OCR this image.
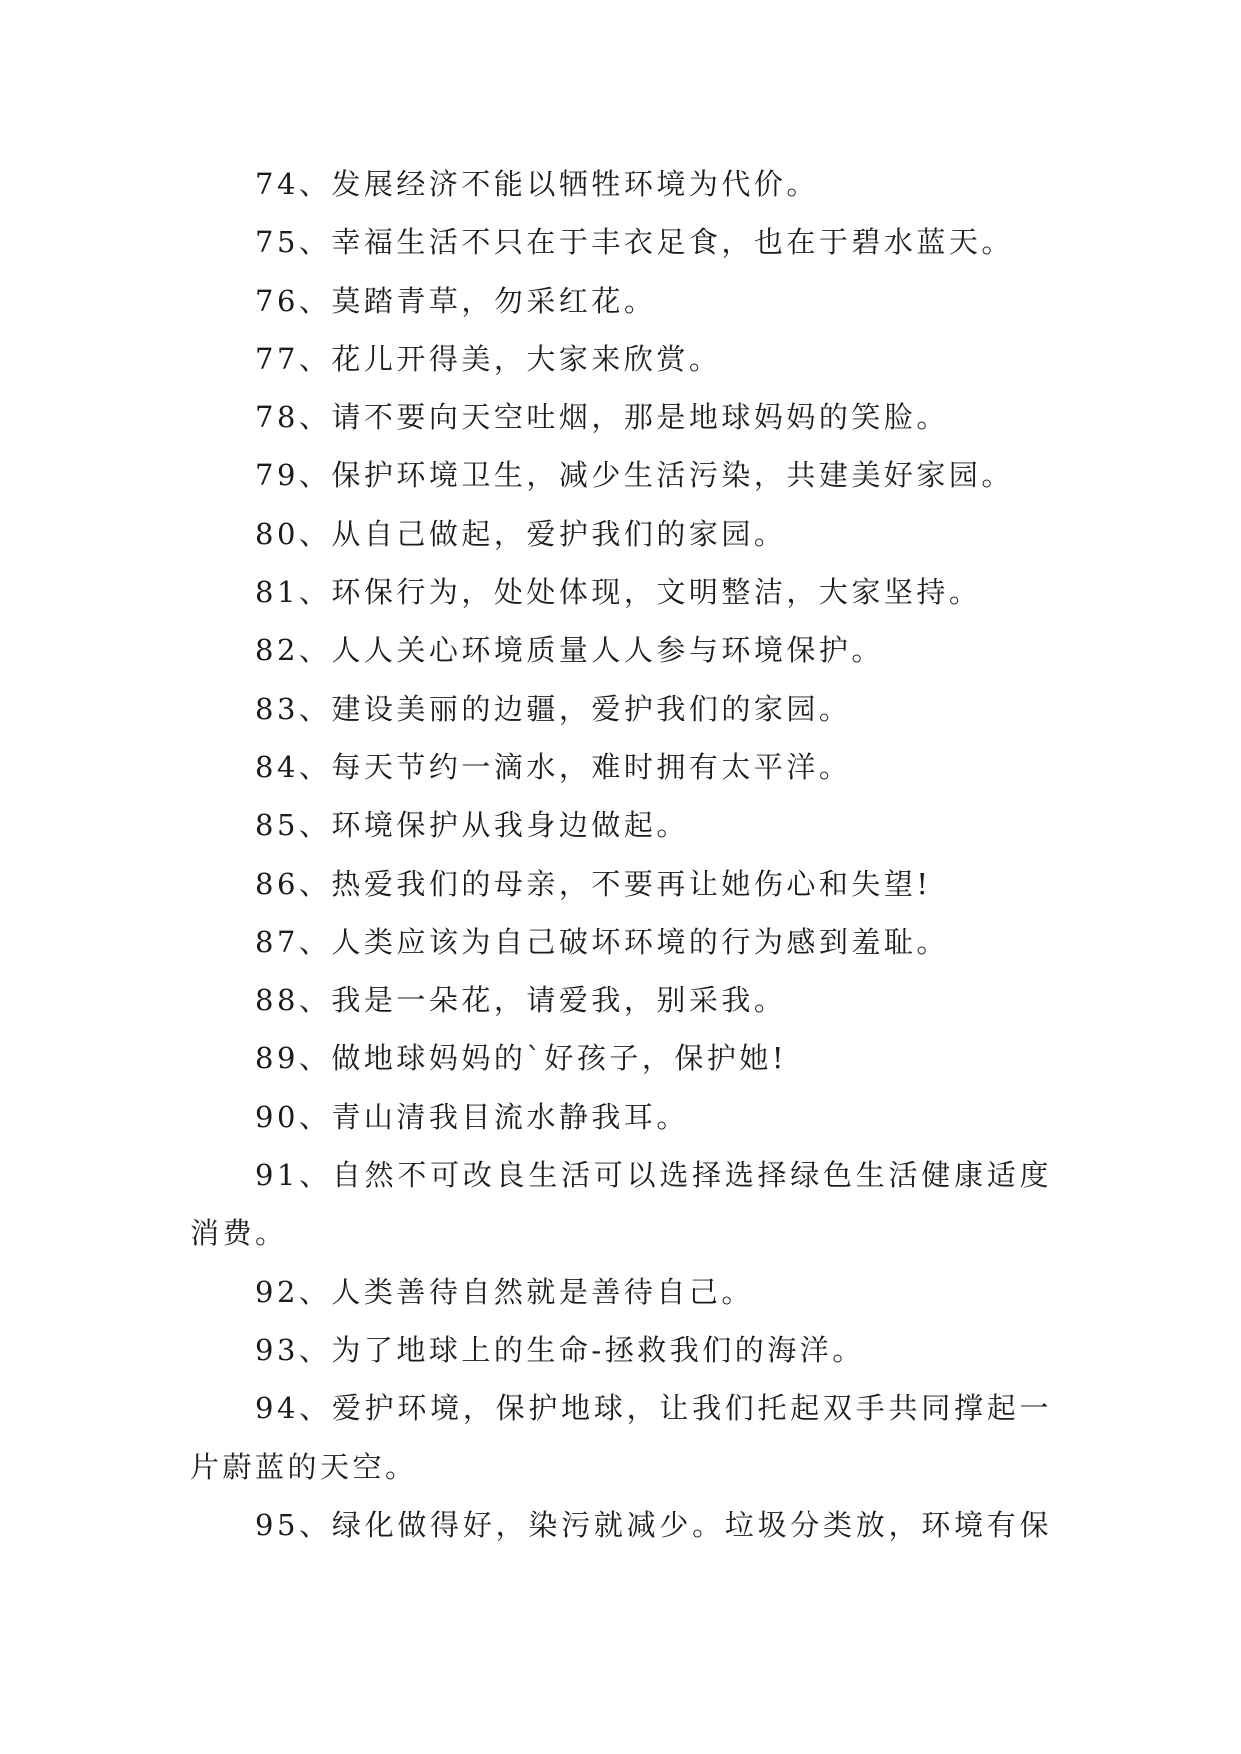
74、发展经济不能以牺牲环境为代价。

75、幸福生活不只在于丰衣足食，也在于碧水蓝天。

76、莫踏青草，勿采红花。

77、花儿开得美，大家来欣赏。

78、请不要向天空吐烟，那是地球妈妈的笑脸。

79、保护环境卫生，减少生活污染，共建美好家园。

80、从自己做起，爱护我们的家园。

81、环保行为，处处体现，文明整洁，大家坚持。

82、人人关心环境质量人人参与环境保护。

83、建设美丽的边疆，爱护我们的家园。

84、每天节约一滴水，难时拥有太平洋。

85、环境保护从我身边做起。

86、热爱我们的母亲，不要再让她伤心和失望!

87、人类应该为自己破坏环境的行为感到羞耻。

88、我是一朵花，请爱我，别采我。

89、做地球妈妈的`好孩子，保护她!

90、青山清我目流水静我耳。

91、自然不可改良生活可以选择选择绿色生活健康适度
消费。

92、人类善待自然就是善待自己。

93、为了地球上的生命-拯救我们的海洋。

94、爱护环境，保护地球，让我们托起双手共同撑起一
片蔚蓝的天空。

95、绿化做得好，染污就减少。垃圾分类放，环境有保
